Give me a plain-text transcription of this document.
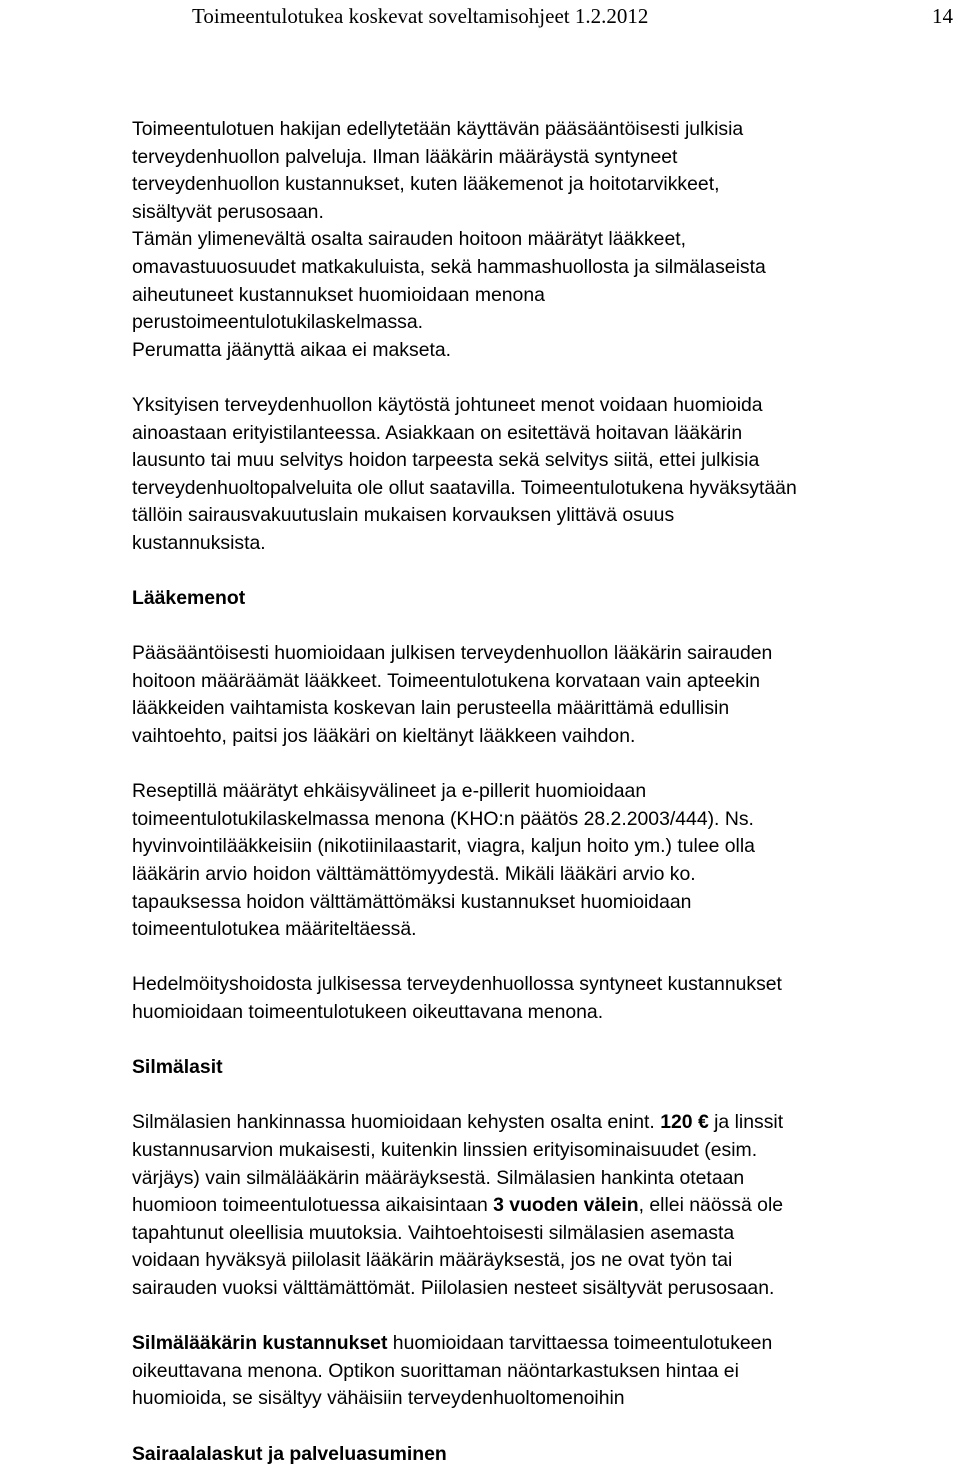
Toimeentulotukea koskevat soveltamisohjeet 1.2.2012	14

Toimeentulotuen hakijan edellytetään käyttävän pääsääntöisesti julkisia
terveydenhuollon palveluja. Ilman lääkärin määräystä syntyneet
terveydenhuollon kustannukset, kuten lääkemenot ja hoitotarvikkeet,
sisältyvät perusosaan.
Tämän ylimenevältä osalta sairauden hoitoon määrätyt lääkkeet,
omavastuuosuudet matkakuluista, sekä hammashuollosta ja silmälaseista
aiheutuneet kustannukset huomioidaan menona
perustoimeentulotukilaskelmassa.
Perumatta jäänyttä aikaa ei makseta.

Yksityisen terveydenhuollon käytöstä johtuneet menot voidaan huomioida
ainoastaan erityistilanteessa. Asiakkaan on esitettävä hoitavan lääkärin
lausunto tai muu selvitys hoidon tarpeesta sekä selvitys siitä, ettei julkisia
terveydenhuoltopalveluita ole ollut saatavilla. Toimeentulotukena hyväksytään
tällöin sairausvakuutuslain mukaisen korvauksen ylittävä osuus
kustannuksista.

Lääkemenot

Pääsääntöisesti huomioidaan julkisen terveydenhuollon lääkärin sairauden
hoitoon määräämät lääkkeet. Toimeentulotukena korvataan vain apteekin
lääkkeiden vaihtamista koskevan lain perusteella määrittämä edullisin
vaihtoehto, paitsi jos lääkäri on kieltänyt lääkkeen vaihdon.

Reseptillä määrätyt ehkäisyvälineet ja e-pillerit huomioidaan
toimeentulotukilaskelmassa menona (KHO:n päätös 28.2.2003/444). Ns.
hyvinvointilääkkeisiin (nikotiinilaastarit, viagra, kaljun hoito ym.) tulee olla
lääkärin arvio hoidon välttämättömyydestä. Mikäli lääkäri arvio ko.
tapauksessa hoidon välttämättömäksi kustannukset huomioidaan
toimeentulotukea määriteltäessä.

Hedelmöityshoidosta julkisessa terveydenhuollossa syntyneet kustannukset
huomioidaan toimeentulotukeen oikeuttavana menona.

Silmälasit

Silmälasien hankinnassa huomioidaan kehysten osalta enint. 120 € ja linssit
kustannusarvion mukaisesti, kuitenkin linssien erityisominaisuudet (esim.
värjäys) vain silmälääkärin määräyksestä. Silmälasien hankinta otetaan
huomioon toimeentulotuessa aikaisintaan 3 vuoden välein, ellei näössä ole
tapahtunut oleellisia muutoksia. Vaihtoehtoisesti silmälasien asemasta
voidaan hyväksyä piilolasit lääkärin määräyksestä, jos ne ovat työn tai
sairauden vuoksi välttämättömät. Piilolasien nesteet sisältyvät perusosaan.

Silmälääkärin kustannukset huomioidaan tarvittaessa toimeentulotukeen
oikeuttavana menona. Optikon suorittaman näöntarkastuksen hintaa ei
huomioida, se sisältyy vähäisiin terveydenhuoltomenoihin

Sairaalalaskut ja palveluasuminen
